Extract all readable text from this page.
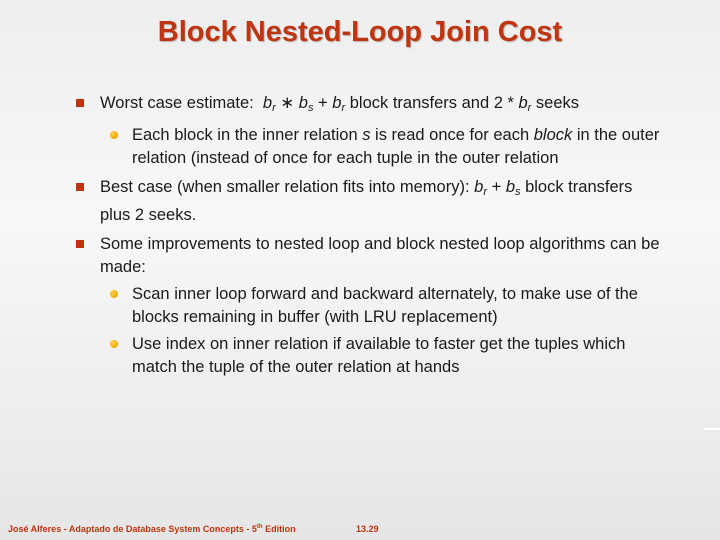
Block Nested-Loop Join Cost
Worst case estimate: $b_r$ ∗ $b_s + b_r$ block transfers and $2 * b_r$ seeks
Each block in the inner relation s is read once for each block in the outer relation (instead of once for each tuple in the outer relation
Best case (when smaller relation fits into memory): $b_r + b_s$ block transfers plus 2 seeks.
Some improvements to nested loop and block nested loop algorithms can be made:
Scan inner loop forward and backward alternately, to make use of the blocks remaining in buffer (with LRU replacement)
Use index on inner relation if available to faster get the tuples which match the tuple of the outer relation at hands
José Alferes - Adaptado de Database System Concepts - 5th Edition	13.29
